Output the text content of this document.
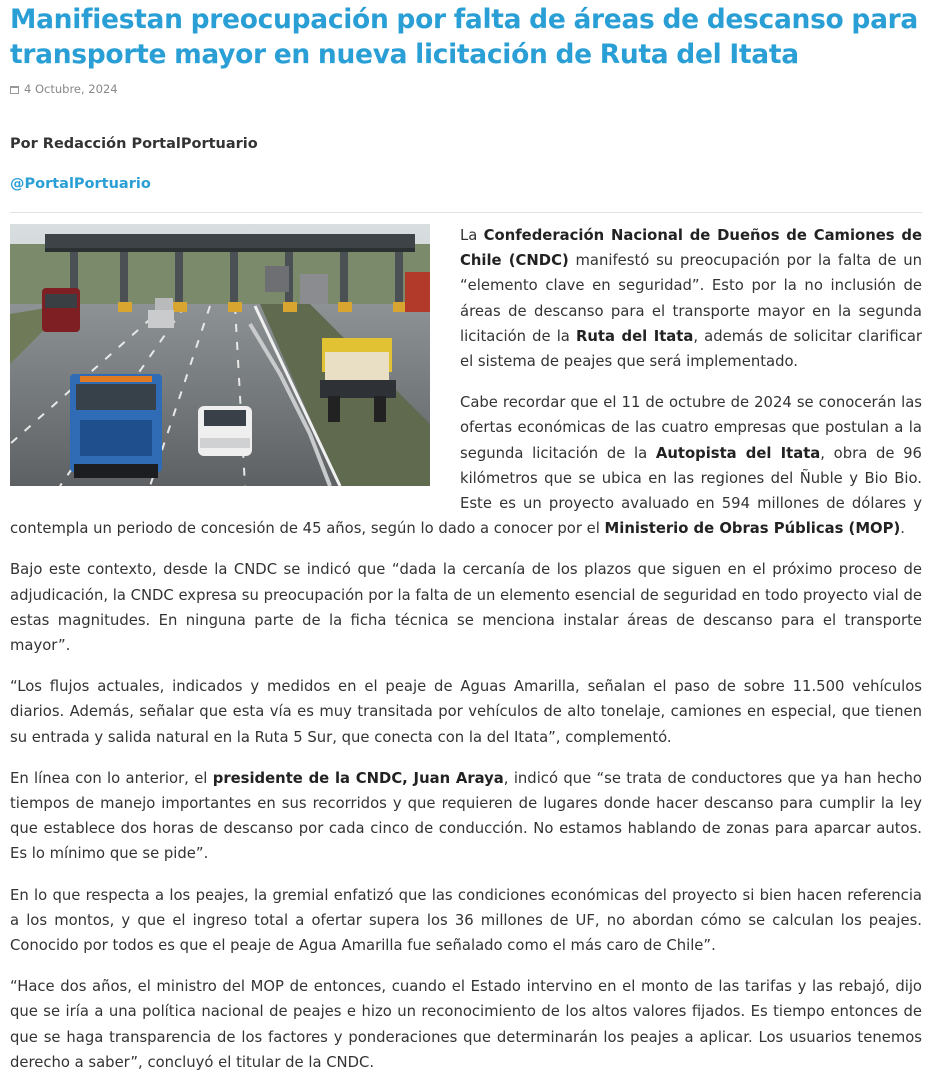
Manifiestan preocupación por falta de áreas de descanso para transporte mayor en nueva licitación de Ruta del Itata
4 Octubre, 2024
Por Redacción PortalPortuario
@PortalPortuario

La Confederación Nacional de Dueños de Camiones de Chile (CNDC) manifestó su preocupación por la falta de un “elemento clave en seguridad”. Esto por la no inclusión de áreas de descanso para el transporte mayor en la segunda licitación de la Ruta del Itata, además de solicitar clarificar el sistema de peajes que será implementado.

Cabe recordar que el 11 de octubre de 2024 se conocerán las ofertas económicas de las cuatro empresas que postulan a la segunda licitación de la Autopista del Itata, obra de 96 kilómetros que se ubica en las regiones del Ñuble y Bio Bio. Este es un proyecto avaluado en 594 millones de dólares y contempla un periodo de concesión de 45 años, según lo dado a conocer por el Ministerio de Obras Públicas (MOP).

Bajo este contexto, desde la CNDC se indicó que “dada la cercanía de los plazos que siguen en el próximo proceso de adjudicación, la CNDC expresa su preocupación por la falta de un elemento esencial de seguridad en todo proyecto vial de estas magnitudes. En ninguna parte de la ficha técnica se menciona instalar áreas de descanso para el transporte mayor”.

“Los flujos actuales, indicados y medidos en el peaje de Aguas Amarilla, señalan el paso de sobre 11.500 vehículos diarios. Además, señalar que esta vía es muy transitada por vehículos de alto tonelaje, camiones en especial, que tienen su entrada y salida natural en la Ruta 5 Sur, que conecta con la del Itata”, complementó.

En línea con lo anterior, el presidente de la CNDC, Juan Araya, indicó que “se trata de conductores que ya han hecho tiempos de manejo importantes en sus recorridos y que requieren de lugares donde hacer descanso para cumplir la ley que establece dos horas de descanso por cada cinco de conducción. No estamos hablando de zonas para aparcar autos. Es lo mínimo que se pide”.

En lo que respecta a los peajes, la gremial enfatizó que las condiciones económicas del proyecto si bien hacen referencia a los montos, y que el ingreso total a ofertar supera los 36 millones de UF, no abordan cómo se calculan los peajes. Conocido por todos es que el peaje de Agua Amarilla fue señalado como el más caro de Chile”.

“Hace dos años, el ministro del MOP de entonces, cuando el Estado intervino en el monto de las tarifas y las rebajó, dijo que se iría a una política nacional de peajes e hizo un reconocimiento de los altos valores fijados. Es tiempo entonces de que se haga transparencia de los factores y ponderaciones que determinarán los peajes a aplicar. Los usuarios tenemos derecho a saber”, concluyó el titular de la CNDC.
